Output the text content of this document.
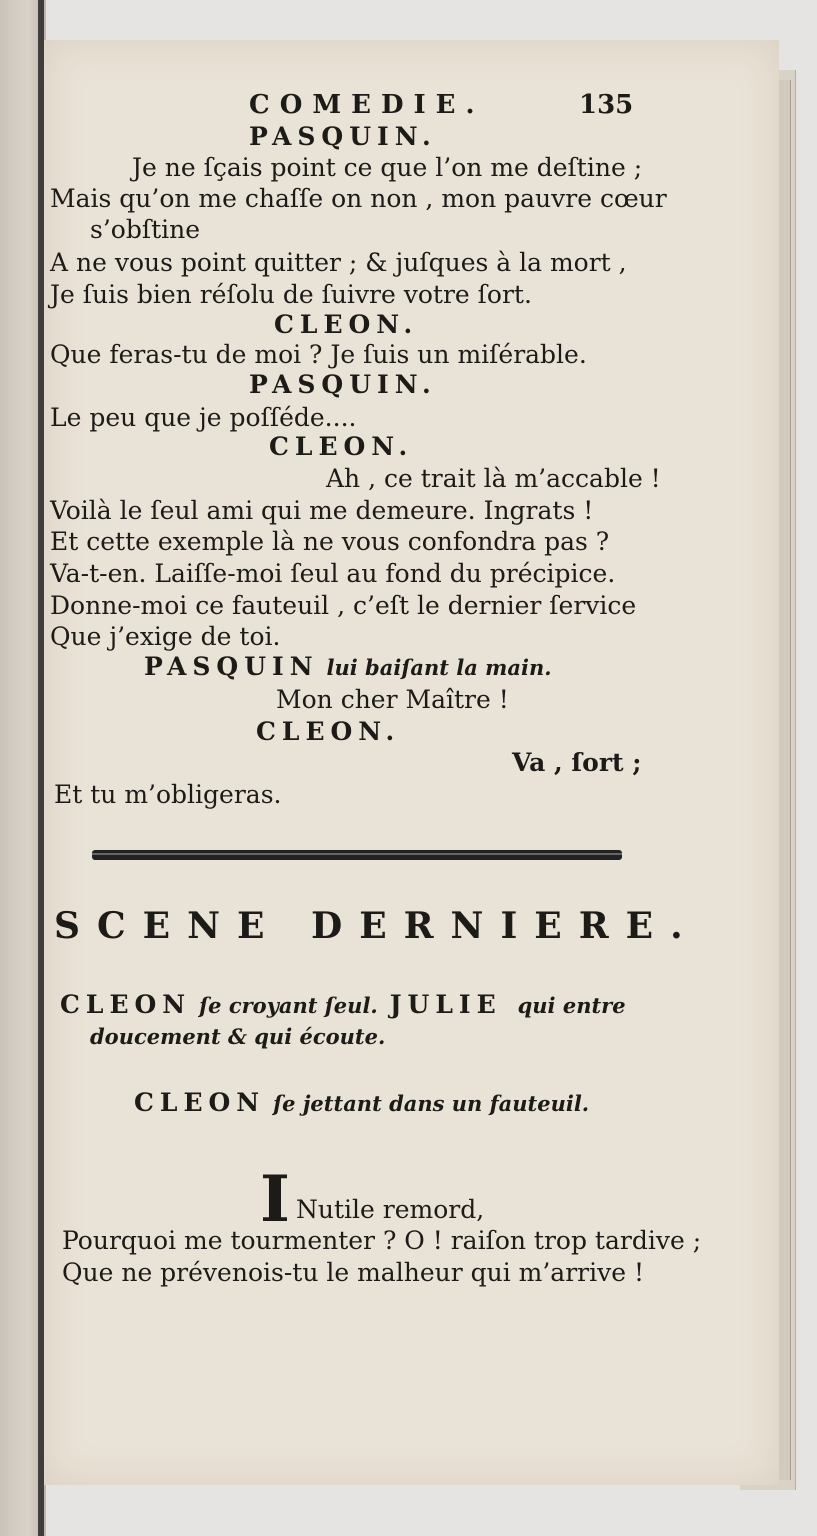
COMEDIE.	135
PASQUIN.
Je ne ſçais point ce que l’on me deſtine ;
Mais qu’on me chaſſe on non , mon pauvre cœur
s’obſtine
A ne vous point quitter ; & juſques à la mort ,
Je ſuis bien réſolu de ſuivre votre ſort.
CLEON.
Que feras-tu de moi ? Je ſuis un miſérable.
PASQUIN.
Le peu que je poſſéde....
CLEON.
Ah , ce trait là m’accable !
Voilà le ſeul ami qui me demeure. Ingrats !
Et cette exemple là ne vous confondra pas ?
Va-t-en. Laiſſe-moi ſeul au fond du précipice.
Donne-moi ce fauteuil , c’eſt le dernier ſervice
Que j’exige de toi.
PASQUIN lui baiſant la main.
Mon cher Maître !
CLEON.
Va , ſort ;
Et tu m’obligeras.
SCENE DERNIERE.
CLEON ſe croyant ſeul. JULIE qui entre
doucement & qui écoute.
CLEON ſe jettant dans un fauteuil.
I Nutile remord,
Pourquoi me tourmenter ? O ! raiſon trop tardive ;
Que ne prévenois-tu le malheur qui m’arrive !
